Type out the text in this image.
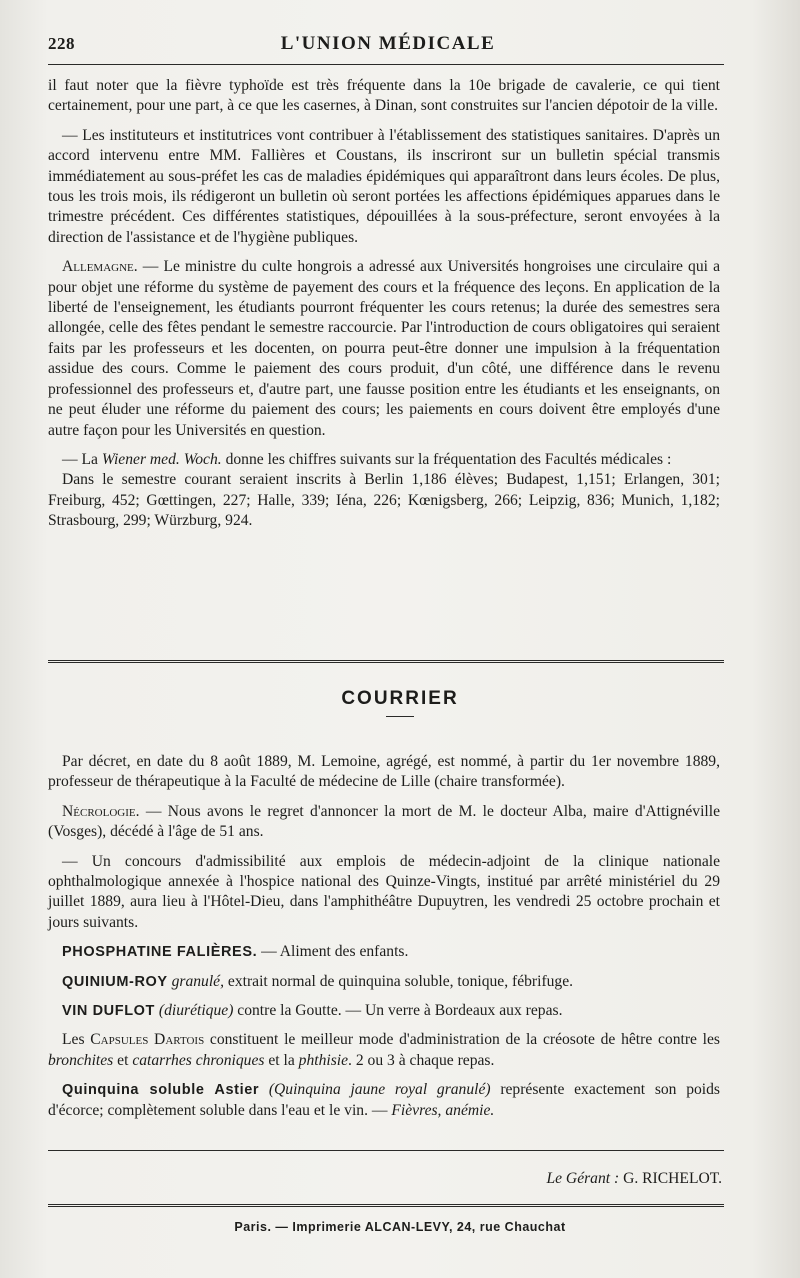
228	L'UNION MÉDICALE

il faut noter que la fièvre typhoïde est très fréquente dans la 10e brigade de cavalerie, ce qui tient certainement, pour une part, à ce que les casernes, à Dinan, sont construites sur l'ancien dépotoir de la ville.

— Les instituteurs et institutrices vont contribuer à l'établissement des statistiques sanitaires. D'après un accord intervenu entre MM. Fallières et Coustans, ils inscriront sur un bulletin spécial transmis immédiatement au sous-préfet les cas de maladies épidémiques qui apparaîtront dans leurs écoles. De plus, tous les trois mois, ils rédigeront un bulletin où seront portées les affections épidémiques apparues dans le trimestre précédent. Ces différentes statistiques, dépouillées à la sous-préfecture, seront envoyées à la direction de l'assistance et de l'hygiène publiques.

Allemagne. — Le ministre du culte hongrois a adressé aux Universités hongroises une circulaire qui a pour objet une réforme du système de payement des cours et la fréquence des leçons. En application de la liberté de l'enseignement, les étudiants pourront fréquenter les cours retenus; la durée des semestres sera allongée, celle des fêtes pendant le semestre raccourcie. Par l'introduction de cours obligatoires qui seraient faits par les professeurs et les docenten, on pourra peut-être donner une impulsion à la fréquentation assidue des cours. Comme le paiement des cours produit, d'un côté, une différence dans le revenu professionnel des professeurs et, d'autre part, une fausse position entre les étudiants et les enseignants, on ne peut éluder une réforme du paiement des cours; les paiements en cours doivent être employés d'une autre façon pour les Universités en question.

— La Wiener med. Woch. donne les chiffres suivants sur la fréquentation des Facultés médicales :

Dans le semestre courant seraient inscrits à Berlin 1,186 élèves; Budapest, 1,151; Erlangen, 301; Freiburg, 452; Gœttingen, 227; Halle, 339; Iéna, 226; Kœnigsberg, 266; Leipzig, 836; Munich, 1,182; Strasbourg, 299; Würzburg, 924.

COURRIER

Par décret, en date du 8 août 1889, M. Lemoine, agrégé, est nommé, à partir du 1er novembre 1889, professeur de thérapeutique à la Faculté de médecine de Lille (chaire transformée).

Nécrologie. — Nous avons le regret d'annoncer la mort de M. le docteur Alba, maire d'Attignéville (Vosges), décédé à l'âge de 51 ans.

— Un concours d'admissibilité aux emplois de médecin-adjoint de la clinique nationale ophthalmologique annexée à l'hospice national des Quinze-Vingts, institué par arrêté ministériel du 29 juillet 1889, aura lieu à l'Hôtel-Dieu, dans l'amphithéâtre Dupuytren, les vendredi 25 octobre prochain et jours suivants.

PHOSPHATINE FALIÈRES. — Aliment des enfants.

QUINIUM-ROY granulé, extrait normal de quinquina soluble, tonique, fébrifuge.

VIN DUFLOT (diurétique) contre la Goutte. — Un verre à Bordeaux aux repas.

Les Capsules Dartois constituent le meilleur mode d'administration de la créosote de hêtre contre les bronchites et catarrhes chroniques et la phthisie. 2 ou 3 à chaque repas.

Quinquina soluble Astier (Quinquina jaune royal granulé) représente exactement son poids d'écorce; complètement soluble dans l'eau et le vin. — Fièvres, anémie.

Le Gérant : G. RICHELOT.
Paris. — Imprimerie ALCAN-LEVY, 24, rue Chauchat
